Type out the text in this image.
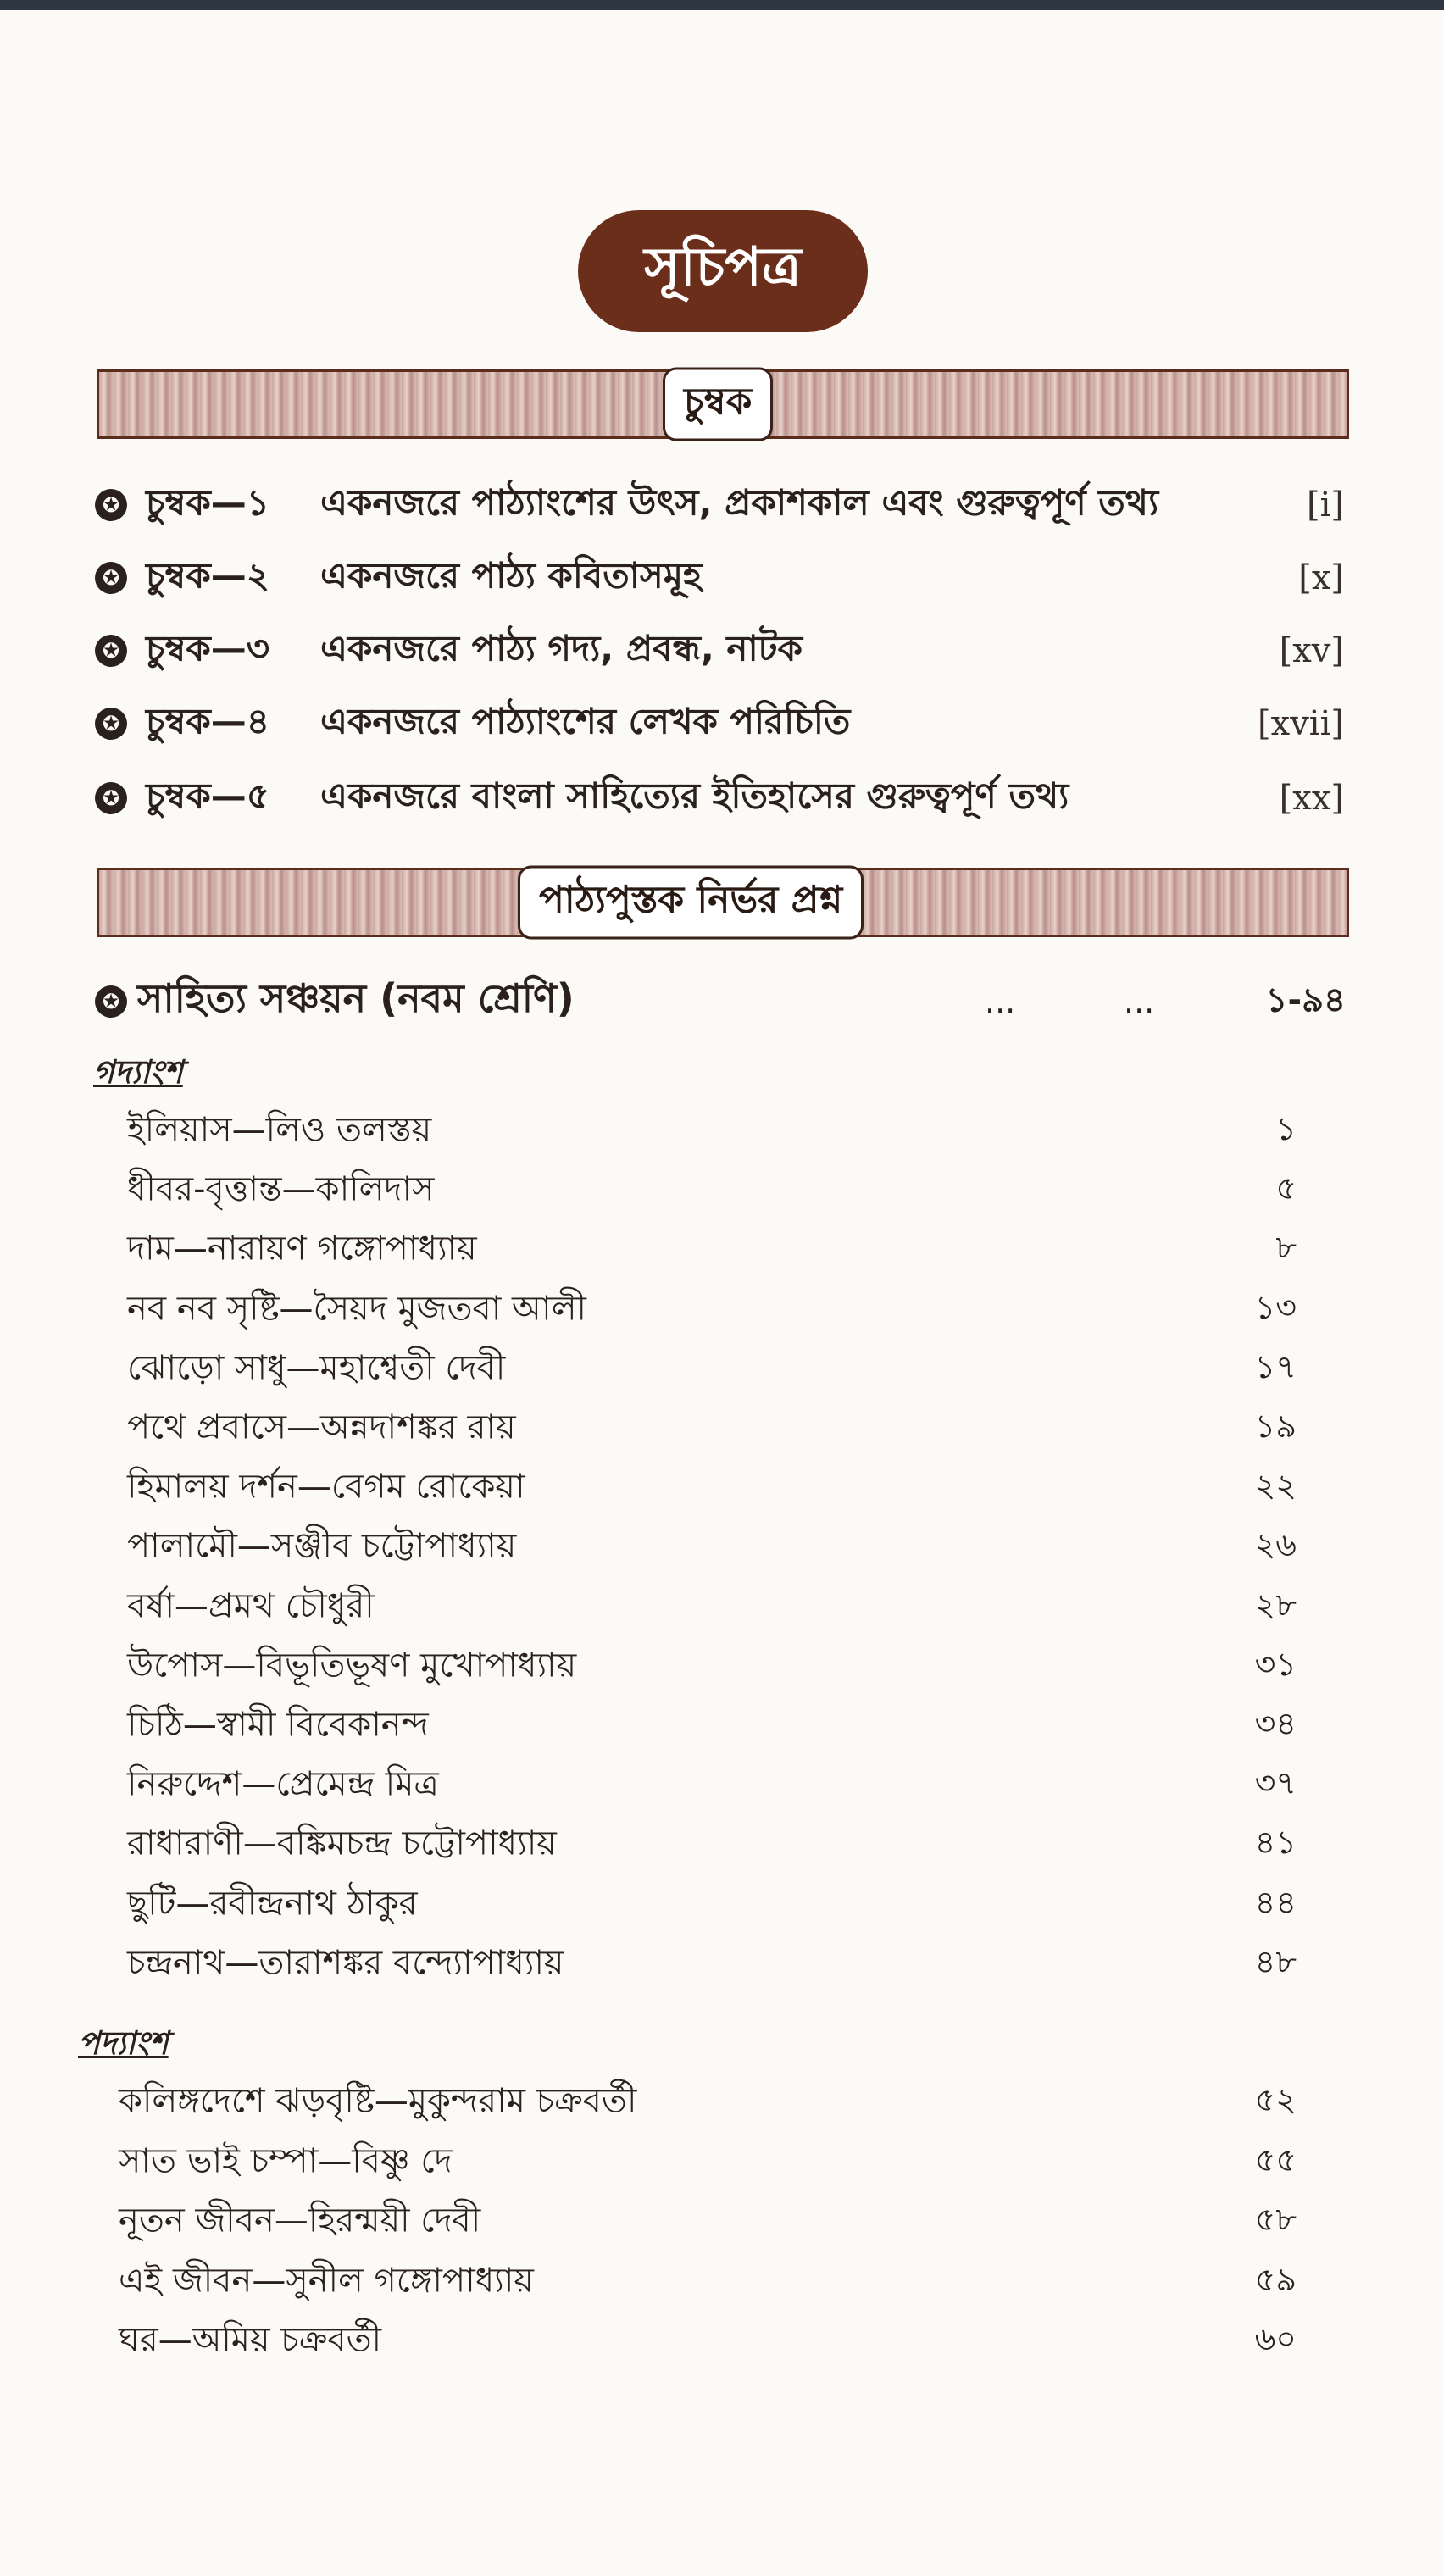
সূচিপত্র
চুম্বক
✪ চুম্বক—১ একনজরে পাঠ্যাংশের উৎস, প্রকাশকাল এবং গুরুত্বপূর্ণ তথ্য	[i]
✪ চুম্বক—২ একনজরে পাঠ্য কবিতাসমূহ	[x]
✪ চুম্বক—৩ একনজরে পাঠ্য গদ্য, প্রবন্ধ, নাটক	[xv]
✪ চুম্বক—৪ একনজরে পাঠ্যাংশের লেখক পরিচিতি	[xvii]
✪ চুম্বক—৫ একনজরে বাংলা সাহিত্যের ইতিহাসের গুরুত্বপূর্ণ তথ্য	[xx]
পাঠ্যপুস্তক নির্ভর প্রশ্ন
✪ সাহিত্য সঞ্চয়ন (নবম শ্রেণি)	...	...	১-৯৪
গদ্যাংশ
ইলিয়াস—লিও তলস্তয়	১
ধীবর-বৃত্তান্ত—কালিদাস	৫
দাম—নারায়ণ গঙ্গোপাধ্যায়	৮
নব নব সৃষ্টি—সৈয়দ মুজতবা আলী	১৩
ঝোড়ো সাধু—মহাশ্বেতী দেবী	১৭
পথে প্রবাসে—অন্নদাশঙ্কর রায়	১৯
হিমালয় দর্শন—বেগম রোকেয়া	২২
পালামৌ—সঞ্জীব চট্টোপাধ্যায়	২৬
বর্ষা—প্রমথ চৌধুরী	২৮
উপোস—বিভূতিভূষণ মুখোপাধ্যায়	৩১
চিঠি—স্বামী বিবেকানন্দ	৩৪
নিরুদ্দেশ—প্রেমেন্দ্র মিত্র	৩৭
রাধারাণী—বঙ্কিমচন্দ্র চট্টোপাধ্যায়	৪১
ছুটি—রবীন্দ্রনাথ ঠাকুর	৪৪
চন্দ্রনাথ—তারাশঙ্কর বন্দ্যোপাধ্যায়	৪৮
পদ্যাংশ
কলিঙ্গদেশে ঝড়বৃষ্টি—মুকুন্দরাম চক্রবর্তী	৫২
সাত ভাই চম্পা—বিষ্ণু দে	৫৫
নূতন জীবন—হিরন্ময়ী দেবী	৫৮
এই জীবন—সুনীল গঙ্গোপাধ্যায়	৫৯
ঘর—অমিয় চক্রবর্তী	৬০
